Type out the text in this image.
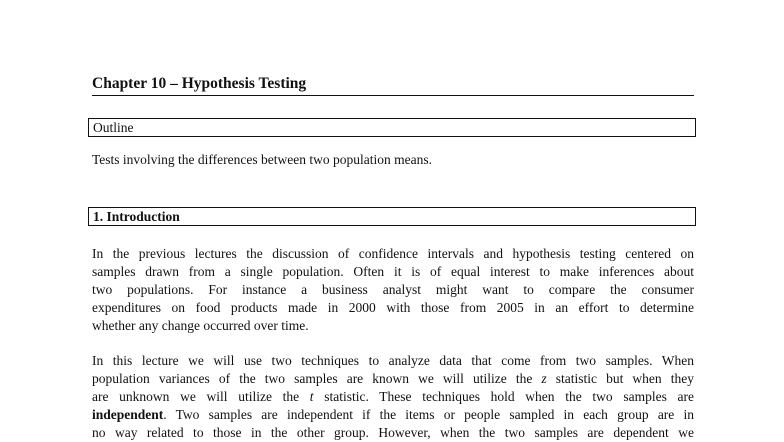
Chapter 10 – Hypothesis Testing
Outline
Tests involving the differences between two population means.
1. Introduction
In the previous lectures the discussion of confidence intervals and hypothesis testing centered on
samples drawn from a single population. Often it is of equal interest to make inferences about
two populations. For instance a business analyst might want to compare the consumer
expenditures on food products made in 2000 with those from 2005 in an effort to determine
whether any change occurred over time.
In this lecture we will use two techniques to analyze data that come from two samples. When
population variances of the two samples are known we will utilize the z statistic but when they
are unknown we will utilize the t statistic. These techniques hold when the two samples are
independent. Two samples are independent if the items or people sampled in each group are in
no way related to those in the other group. However, when the two samples are dependent we
